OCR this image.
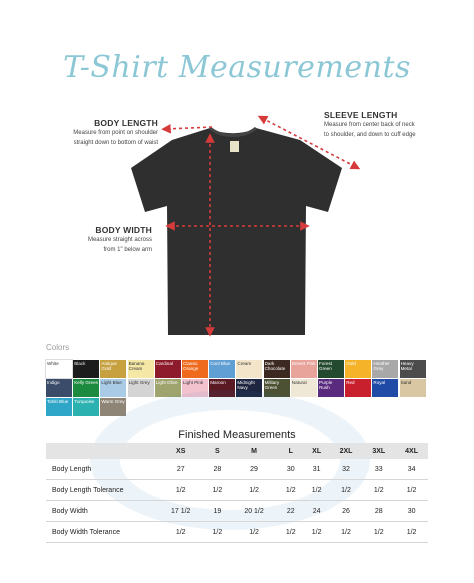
T-Shirt Measurements
BODY LENGTH
Measure from point on shoulder
straight down to bottom of waist
SLEEVE LENGTH
Measure from center back of neck
to shoulder, and down to cuff edge
BODY WIDTH
Measure straight across
from 1" below arm
Colors
White	Black	Antique Gold
Banana Cream
Cardinal	Classic Orange
Cool Blue	Cream	Dark Chocolate
Desert Pink Forest Green
Gold	Heather Grey
Heavy Metal
Indigo	Kelly Green Light Blue	Light Grey	Light Olive	Light Pink	Maroon	Midnight Navy
Military Green
Natural	Purple Rush
Red	Royal	Sand
Tahiti Blue	Turquoise	Warm Grey
Finished Measurements
	XS	S	M	L	XL	2XL	3XL	4XL
Body Length	27	28	29	30	31	32	33	34
Body Length Tolerance	1/2	1/2	1/2	1/2	1/2	1/2	1/2	1/2
Body Width	17 1/2	19	20 1/2	22	24	26	28	30
Body Width Tolerance	1/2	1/2	1/2	1/2	1/2	1/2	1/2	1/2
